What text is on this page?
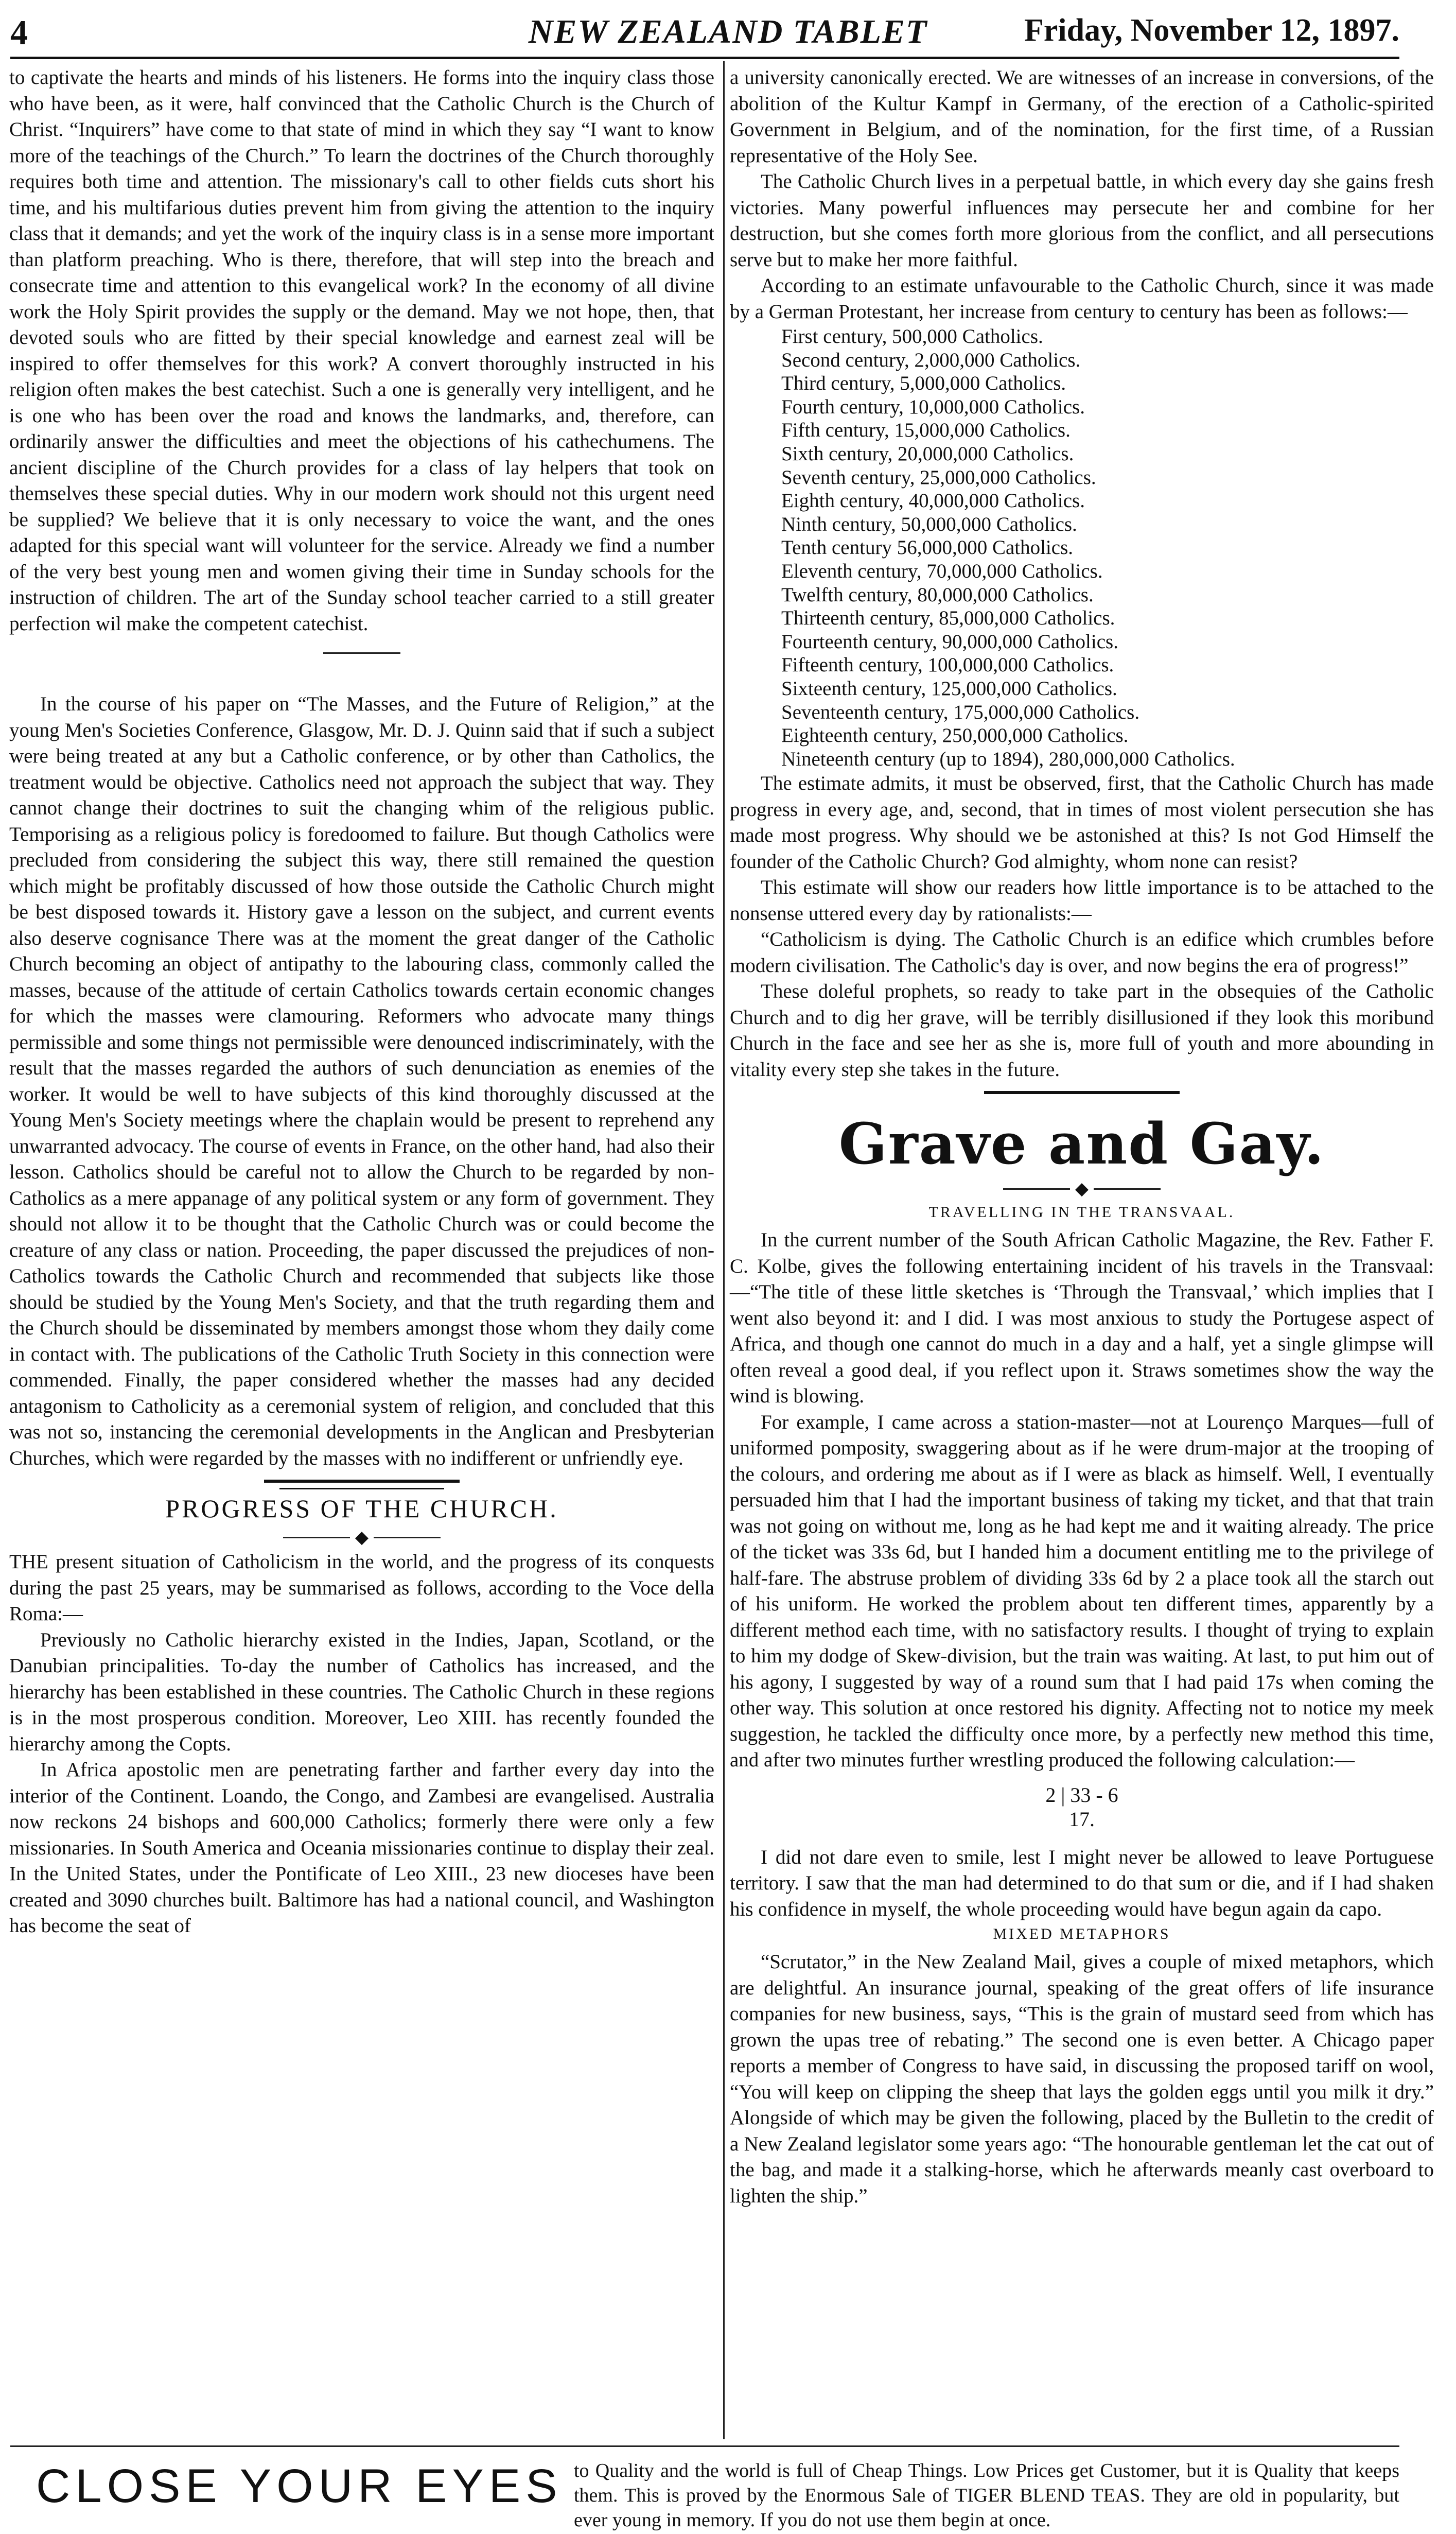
4	NEW ZEALAND TABLET	Friday, November 12, 1897.

to captivate the hearts and minds of his listeners. He forms into the inquiry class those who have been, as it were, half convinced that the Catholic Church is the Church of Christ. “Inquirers” have come to that state of mind in which they say “I want to know more of the teachings of the Church.” To learn the doctrines of the Church thoroughly requires both time and attention. The missionary's call to other fields cuts short his time, and his multifarious duties prevent him from giving the attention to the inquiry class that it demands; and yet the work of the inquiry class is in a sense more important than platform preaching. Who is there, therefore, that will step into the breach and consecrate time and attention to this evangelical work? In the economy of all divine work the Holy Spirit provides the supply or the demand. May we not hope, then, that devoted souls who are fitted by their special knowledge and earnest zeal will be inspired to offer themselves for this work? A convert thoroughly instructed in his religion often makes the best catechist. Such a one is generally very intelligent, and he is one who has been over the road and knows the landmarks, and, therefore, can ordinarily answer the difficulties and meet the objections of his cathechumens. The ancient discipline of the Church provides for a class of lay helpers that took on themselves these special duties. Why in our modern work should not this urgent need be supplied? We believe that it is only necessary to voice the want, and the ones adapted for this special want will volunteer for the service. Already we find a number of the very best young men and women giving their time in Sunday schools for the instruction of children. The art of the Sunday school teacher carried to a still greater perfection wil make the competent catechist.

In the course of his paper on “The Masses, and the Future of Religion,” at the young Men's Societies Conference, Glasgow, Mr. D. J. Quinn said that if such a subject were being treated at any but a Catholic conference, or by other than Catholics, the treatment would be objective. Catholics need not approach the subject that way. They cannot change their doctrines to suit the changing whim of the religious public. Temporising as a religious policy is foredoomed to failure. But though Catholics were precluded from considering the subject this way, there still remained the question which might be profitably discussed of how those outside the Catholic Church might be best disposed towards it. History gave a lesson on the subject, and current events also deserve cognisance There was at the moment the great danger of the Catholic Church becoming an object of antipathy to the labouring class, commonly called the masses, because of the attitude of certain Catholics towards certain economic changes for which the masses were clamouring. Reformers who advocate many things permissible and some things not permissible were denounced indiscriminately, with the result that the masses regarded the authors of such denunciation as enemies of the worker. It would be well to have subjects of this kind thoroughly discussed at the Young Men's Society meetings where the chaplain would be present to reprehend any unwarranted advocacy. The course of events in France, on the other hand, had also their lesson. Catholics should be careful not to allow the Church to be regarded by non-Catholics as a mere appanage of any political system or any form of government. They should not allow it to be thought that the Catholic Church was or could become the creature of any class or nation. Proceeding, the paper discussed the prejudices of non-Catholics towards the Catholic Church and recommended that subjects like those should be studied by the Young Men's Society, and that the truth regarding them and the Church should be disseminated by members amongst those whom they daily come in contact with. The publications of the Catholic Truth Society in this connection were commended. Finally, the paper considered whether the masses had any decided antagonism to Catholicity as a ceremonial system of religion, and concluded that this was not so, instancing the ceremonial developments in the Anglican and Presbyterian Churches, which were regarded by the masses with no indifferent or unfriendly eye.

PROGRESS OF THE CHURCH.
◆

THE present situation of Catholicism in the world, and the progress of its conquests during the past 25 years, may be summarised as follows, according to the Voce della Roma:—

Previously no Catholic hierarchy existed in the Indies, Japan, Scotland, or the Danubian principalities. To-day the number of Catholics has increased, and the hierarchy has been established in these countries. The Catholic Church in these regions is in the most prosperous condition. Moreover, Leo XIII. has recently founded the hierarchy among the Copts.

In Africa apostolic men are penetrating farther and farther every day into the interior of the Continent. Loando, the Congo, and Zambesi are evangelised. Australia now reckons 24 bishops and 600,000 Catholics; formerly there were only a few missionaries. In South America and Oceania missionaries continue to display their zeal. In the United States, under the Pontificate of Leo XIII., 23 new dioceses have been created and 3090 churches built. Baltimore has had a national council, and Washington has become the seat of

a university canonically erected. We are witnesses of an increase in conversions, of the abolition of the Kultur Kampf in Germany, of the erection of a Catholic-spirited Government in Belgium, and of the nomination, for the first time, of a Russian representative of the Holy See.

The Catholic Church lives in a perpetual battle, in which every day she gains fresh victories. Many powerful influences may persecute her and combine for her destruction, but she comes forth more glorious from the conflict, and all persecutions serve but to make her more faithful.

According to an estimate unfavourable to the Catholic Church, since it was made by a German Protestant, her increase from century to century has been as follows:—

First century, 500,000 Catholics.

Second century, 2,000,000 Catholics.

Third century, 5,000,000 Catholics.

Fourth century, 10,000,000 Catholics.

Fifth century, 15,000,000 Catholics.

Sixth century, 20,000,000 Catholics.

Seventh century, 25,000,000 Catholics.

Eighth century, 40,000,000 Catholics.

Ninth century, 50,000,000 Catholics.

Tenth century 56,000,000 Catholics.

Eleventh century, 70,000,000 Catholics.

Twelfth century, 80,000,000 Catholics.

Thirteenth century, 85,000,000 Catholics.

Fourteenth century, 90,000,000 Catholics.

Fifteenth century, 100,000,000 Catholics.

Sixteenth century, 125,000,000 Catholics.

Seventeenth century, 175,000,000 Catholics.

Eighteenth century, 250,000,000 Catholics.

Nineteenth century (up to 1894), 280,000,000 Catholics.

The estimate admits, it must be observed, first, that the Catholic Church has made progress in every age, and, second, that in times of most violent persecution she has made most progress. Why should we be astonished at this? Is not God Himself the founder of the Catholic Church? God almighty, whom none can resist?

This estimate will show our readers how little importance is to be attached to the nonsense uttered every day by rationalists:—

“Catholicism is dying. The Catholic Church is an edifice which crumbles before modern civilisation. The Catholic's day is over, and now begins the era of progress!”

These doleful prophets, so ready to take part in the obsequies of the Catholic Church and to dig her grave, will be terribly disillusioned if they look this moribund Church in the face and see her as she is, more full of youth and more abounding in vitality every step she takes in the future.

Grave and Gay.
◆
TRAVELLING IN THE TRANSVAAL.

In the current number of the South African Catholic Magazine, the Rev. Father F. C. Kolbe, gives the following entertaining incident of his travels in the Transvaal:—“The title of these little sketches is ‘Through the Transvaal,’ which implies that I went also beyond it: and I did. I was most anxious to study the Portugese aspect of Africa, and though one cannot do much in a day and a half, yet a single glimpse will often reveal a good deal, if you reflect upon it. Straws sometimes show the way the wind is blowing.

For example, I came across a station-master—not at Lourenço Marques—full of uniformed pomposity, swaggering about as if he were drum-major at the trooping of the colours, and ordering me about as if I were as black as himself. Well, I eventually persuaded him that I had the important business of taking my ticket, and that that train was not going on without me, long as he had kept me and it waiting already. The price of the ticket was 33s 6d, but I handed him a document entitling me to the privilege of half-fare. The abstruse problem of dividing 33s 6d by 2 a place took all the starch out of his uniform. He worked the problem about ten different times, apparently by a different method each time, with no satisfactory results. I thought of trying to explain to him my dodge of Skew-division, but the train was waiting. At last, to put him out of his agony, I suggested by way of a round sum that I had paid 17s when coming the other way. This solution at once restored his dignity. Affecting not to notice my meek suggestion, he tackled the difficulty once more, by a perfectly new method this time, and after two minutes further wrestling produced the following calculation:—

2 | 33 - 6
17.

I did not dare even to smile, lest I might never be allowed to leave Portuguese territory. I saw that the man had determined to do that sum or die, and if I had shaken his confidence in myself, the whole proceeding would have begun again da capo.

MIXED METAPHORS

“Scrutator,” in the New Zealand Mail, gives a couple of mixed metaphors, which are delightful. An insurance journal, speaking of the great offers of life insurance companies for new business, says, “This is the grain of mustard seed from which has grown the upas tree of rebating.” The second one is even better. A Chicago paper reports a member of Congress to have said, in discussing the proposed tariff on wool, “You will keep on clipping the sheep that lays the golden eggs until you milk it dry.” Alongside of which may be given the following, placed by the Bulletin to the credit of a New Zealand legislator some years ago: “The honourable gentleman let the cat out of the bag, and made it a stalking-horse, which he afterwards meanly cast overboard to lighten the ship.”

CLOSE YOUR EYES to Quality and the world is full of Cheap Things. Low Prices get Customer, but it is Quality that keeps them. This is proved by the Enormous Sale of TIGER BLEND TEAS. They are old in popularity, but ever young in memory. If you do not use them begin at once.
